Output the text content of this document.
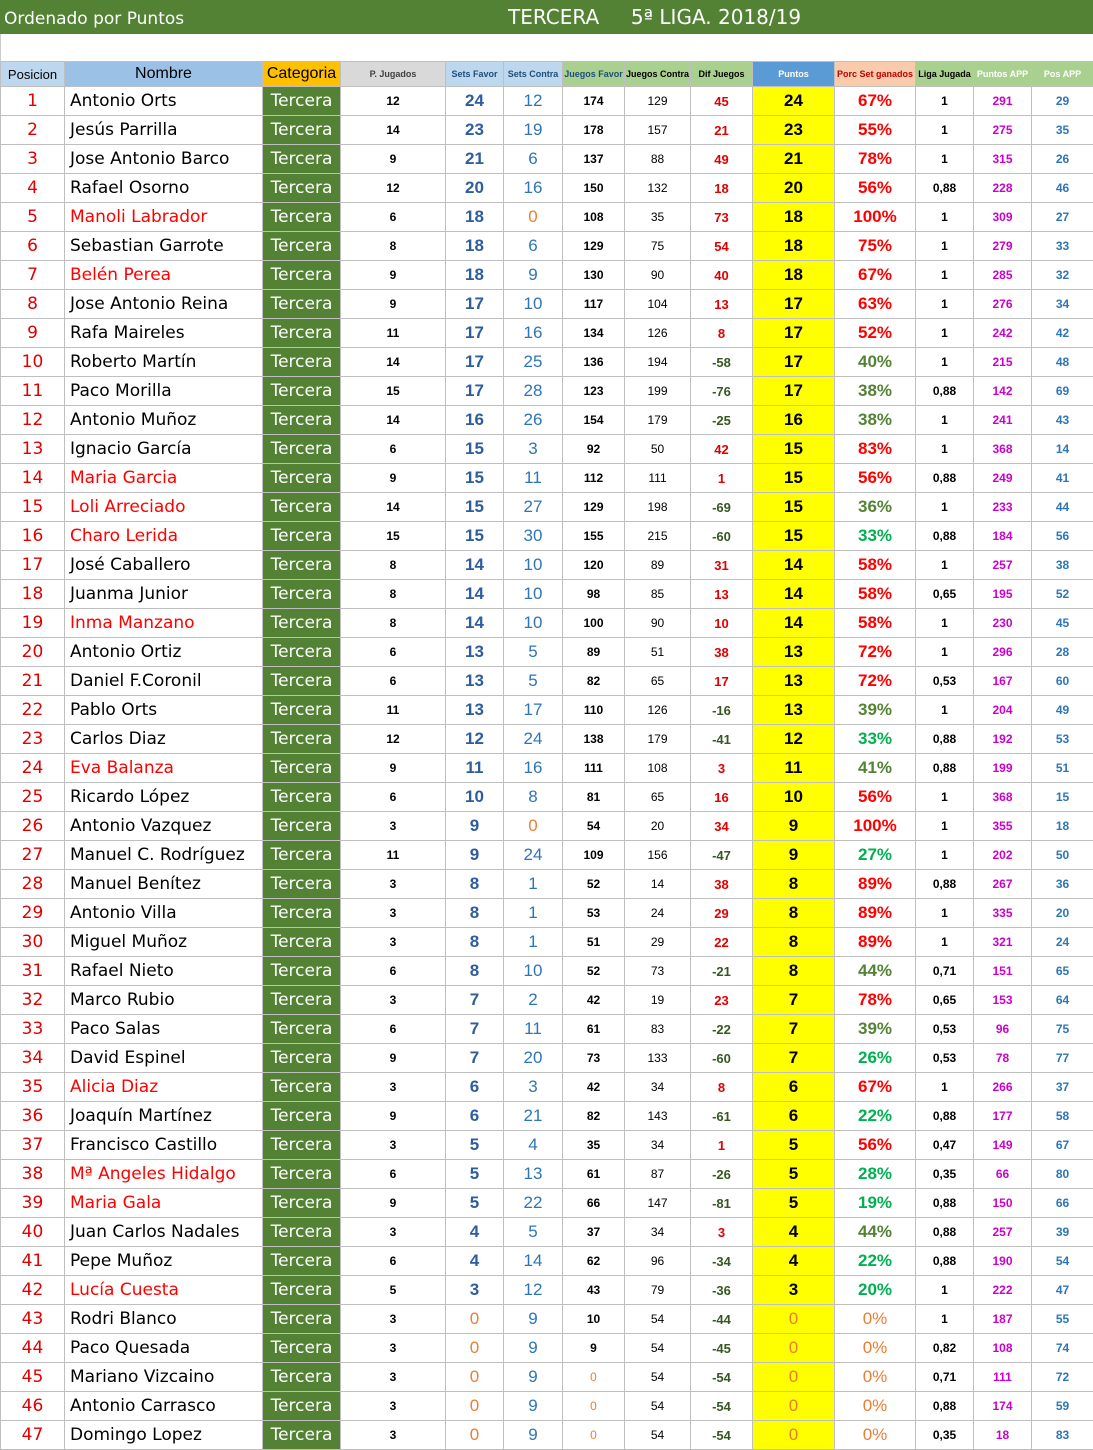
Ordenado por Puntos	TERCERA     5ª LIGA. 2018/19
Posicion	Nombre	Categoria	P. Jugados	Sets Favor	Sets Contra	Juegos Favor	Juegos Contra	Dif Juegos	Puntos	Porc Set ganados	Liga Jugada	Puntos APP	Pos APP
1	Antonio Orts	Tercera	12	24	12	174	129	45	24	67%	1	291	29
2	Jesús Parrilla	Tercera	14	23	19	178	157	21	23	55%	1	275	35
3	Jose Antonio Barco	Tercera	9	21	6	137	88	49	21	78%	1	315	26
4	Rafael Osorno	Tercera	12	20	16	150	132	18	20	56%	0,88	228	46
5	Manoli Labrador	Tercera	6	18	0	108	35	73	18	100%	1	309	27
6	Sebastian Garrote	Tercera	8	18	6	129	75	54	18	75%	1	279	33
7	Belén Perea	Tercera	9	18	9	130	90	40	18	67%	1	285	32
8	Jose Antonio Reina	Tercera	9	17	10	117	104	13	17	63%	1	276	34
9	Rafa Maireles	Tercera	11	17	16	134	126	8	17	52%	1	242	42
10	Roberto Martín	Tercera	14	17	25	136	194	-58	17	40%	1	215	48
11	Paco Morilla	Tercera	15	17	28	123	199	-76	17	38%	0,88	142	69
12	Antonio Muñoz	Tercera	14	16	26	154	179	-25	16	38%	1	241	43
13	Ignacio García	Tercera	6	15	3	92	50	42	15	83%	1	368	14
14	Maria Garcia	Tercera	9	15	11	112	111	1	15	56%	0,88	249	41
15	Loli Arreciado	Tercera	14	15	27	129	198	-69	15	36%	1	233	44
16	Charo Lerida	Tercera	15	15	30	155	215	-60	15	33%	0,88	184	56
17	José Caballero	Tercera	8	14	10	120	89	31	14	58%	1	257	38
18	Juanma Junior	Tercera	8	14	10	98	85	13	14	58%	0,65	195	52
19	Inma Manzano	Tercera	8	14	10	100	90	10	14	58%	1	230	45
20	Antonio Ortiz	Tercera	6	13	5	89	51	38	13	72%	1	296	28
21	Daniel F.Coronil	Tercera	6	13	5	82	65	17	13	72%	0,53	167	60
22	Pablo Orts	Tercera	11	13	17	110	126	-16	13	39%	1	204	49
23	Carlos Diaz	Tercera	12	12	24	138	179	-41	12	33%	0,88	192	53
24	Eva Balanza	Tercera	9	11	16	111	108	3	11	41%	0,88	199	51
25	Ricardo López	Tercera	6	10	8	81	65	16	10	56%	1	368	15
26	Antonio Vazquez	Tercera	3	9	0	54	20	34	9	100%	1	355	18
27	Manuel C. Rodríguez	Tercera	11	9	24	109	156	-47	9	27%	1	202	50
28	Manuel Benítez	Tercera	3	8	1	52	14	38	8	89%	0,88	267	36
29	Antonio Villa	Tercera	3	8	1	53	24	29	8	89%	1	335	20
30	Miguel Muñoz	Tercera	3	8	1	51	29	22	8	89%	1	321	24
31	Rafael Nieto	Tercera	6	8	10	52	73	-21	8	44%	0,71	151	65
32	Marco Rubio	Tercera	3	7	2	42	19	23	7	78%	0,65	153	64
33	Paco Salas	Tercera	6	7	11	61	83	-22	7	39%	0,53	96	75
34	David Espinel	Tercera	9	7	20	73	133	-60	7	26%	0,53	78	77
35	Alicia Diaz	Tercera	3	6	3	42	34	8	6	67%	1	266	37
36	Joaquín Martínez	Tercera	9	6	21	82	143	-61	6	22%	0,88	177	58
37	Francisco Castillo	Tercera	3	5	4	35	34	1	5	56%	0,47	149	67
38	Mª Angeles Hidalgo	Tercera	6	5	13	61	87	-26	5	28%	0,35	66	80
39	Maria Gala	Tercera	9	5	22	66	147	-81	5	19%	0,88	150	66
40	Juan Carlos Nadales	Tercera	3	4	5	37	34	3	4	44%	0,88	257	39
41	Pepe Muñoz	Tercera	6	4	14	62	96	-34	4	22%	0,88	190	54
42	Lucía Cuesta	Tercera	5	3	12	43	79	-36	3	20%	1	222	47
43	Rodri Blanco	Tercera	3	0	9	10	54	-44	0	0%	1	187	55
44	Paco Quesada	Tercera	3	0	9	9	54	-45	0	0%	0,82	108	74
45	Mariano Vizcaino	Tercera	3	0	9	0	54	-54	0	0%	0,71	111	72
46	Antonio Carrasco	Tercera	3	0	9	0	54	-54	0	0%	0,88	174	59
47	Domingo Lopez	Tercera	3	0	9	0	54	-54	0	0%	0,35	18	83
